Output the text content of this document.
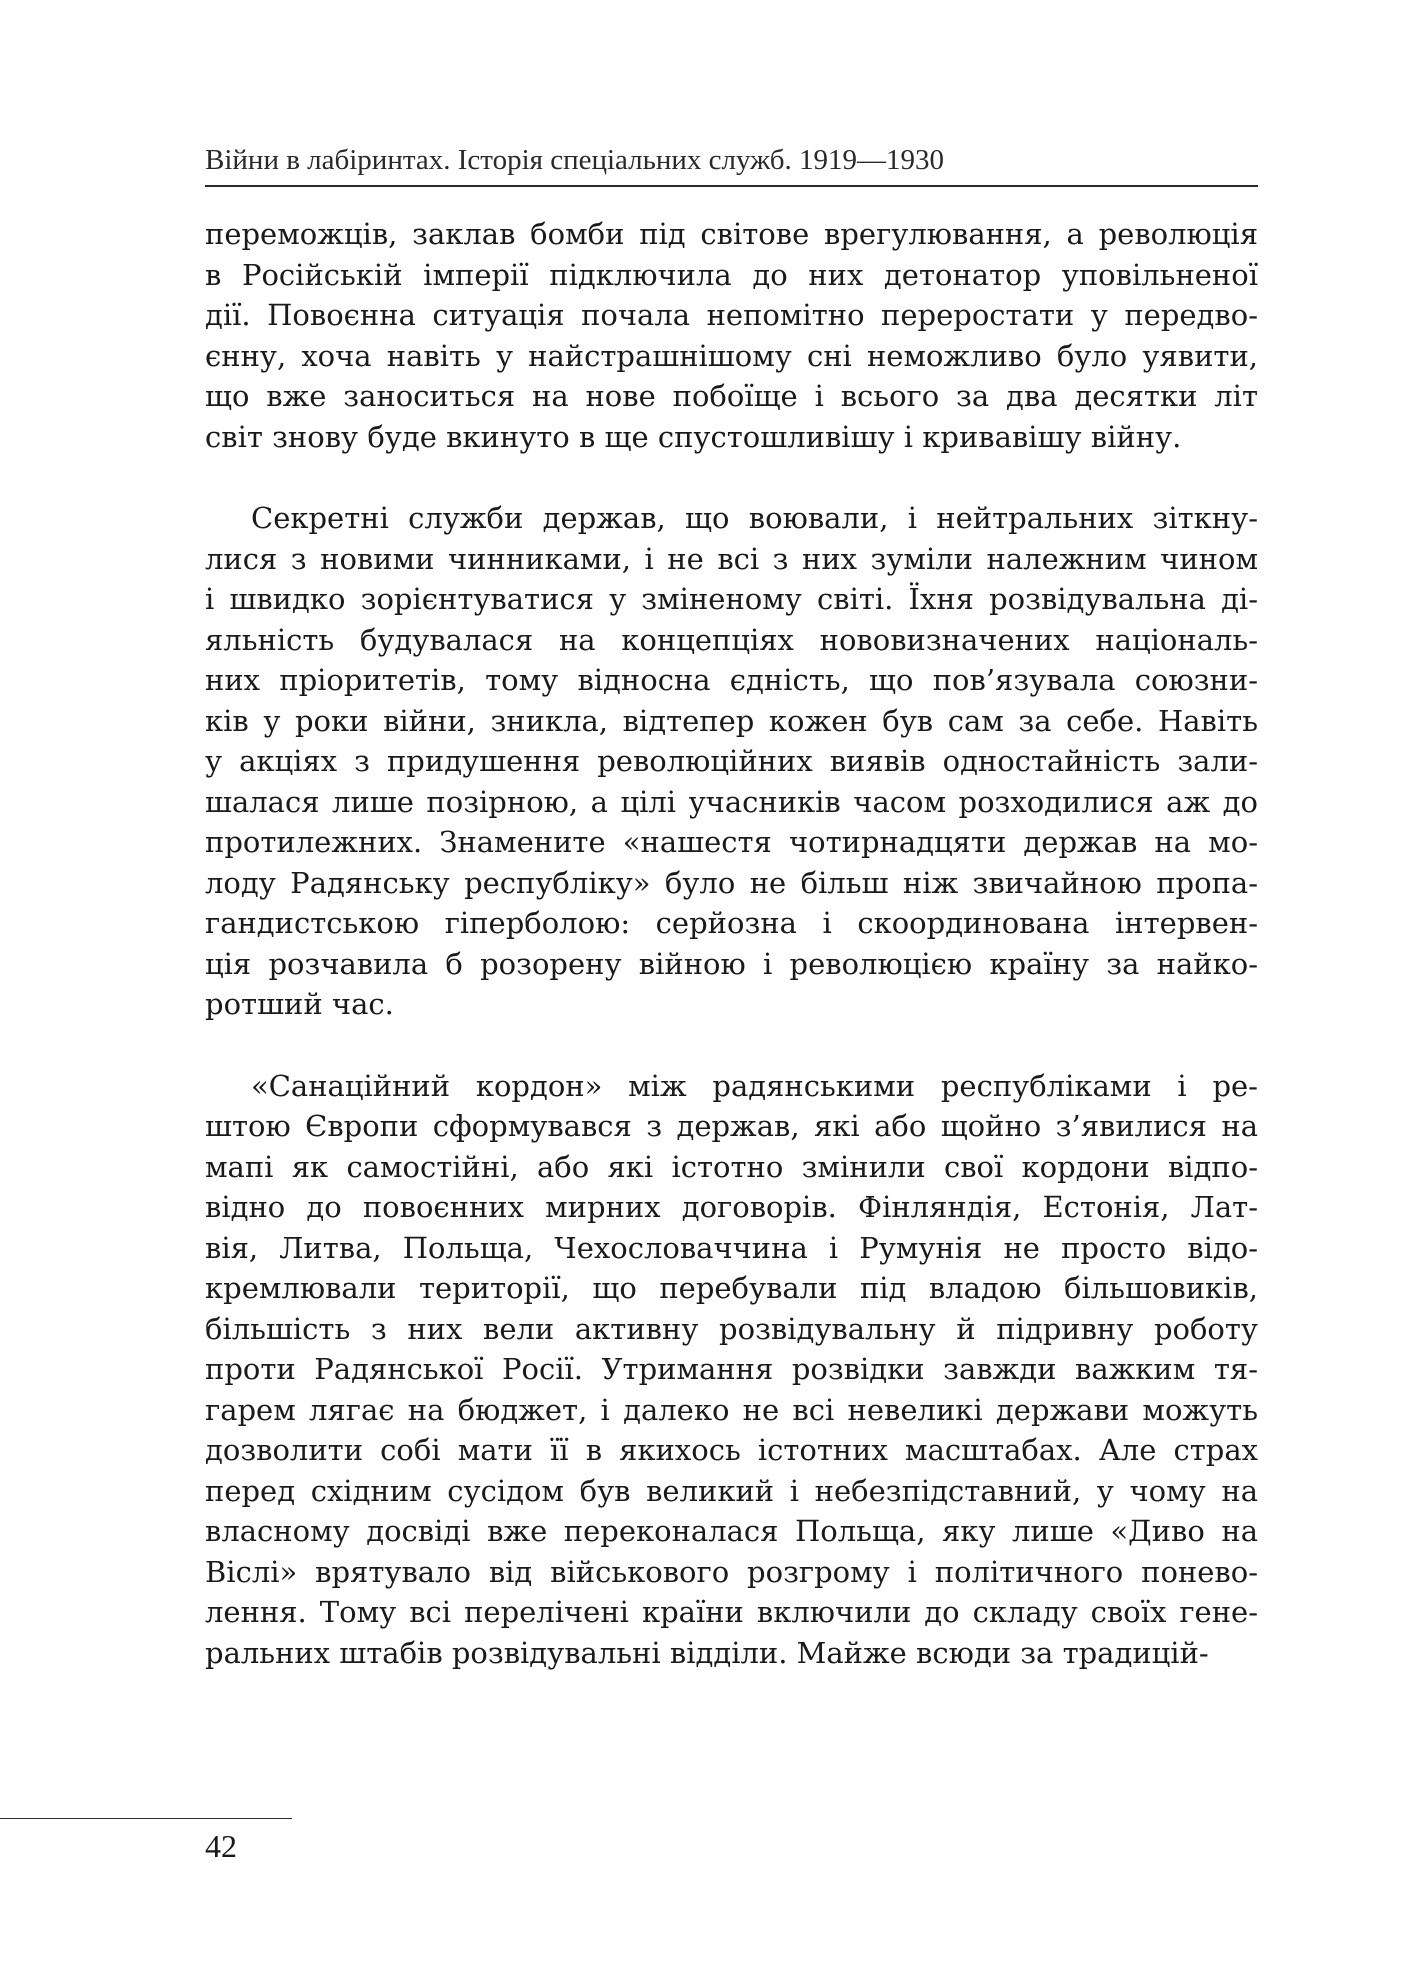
Війни в лабіринтах. Історія спеціальних служб. 1919—1930
переможців, заклав бомби під світове врегулювання, а революція
в Російській імперії підключила до них детонатор уповільненої
дії. Повоєнна ситуація почала непомітно переростати у передво-
єнну, хоча навіть у найстрашнішому сні неможливо було уявити,
що вже заноситься на нове побоїще і всього за два десятки літ
світ знову буде вкинуто в ще спустошливішу і кривавішу війну.
Секретні служби держав, що воювали, і нейтральних зіткну-
лися з новими чинниками, і не всі з них зуміли належним чином
і швидко зорієнтуватися у зміненому світі. Їхня розвідувальна ді-
яльність будувалася на концепціях нововизначених національ-
них пріоритетів, тому відносна єдність, що пов’язувала союзни-
ків у роки війни, зникла, відтепер кожен був сам за себе. Навіть
у акціях з придушення революційних виявів одностайність зали-
шалася лише позірною, а цілі учасників часом розходилися аж до
протилежних. Знамените «нашестя чотирнадцяти держав на мо-
лоду Радянську республіку» було не більш ніж звичайною пропа-
гандистською гіперболою: серйозна і скоординована інтервен-
ція розчавила б розорену війною і революцією країну за найко-
ротший час.
«Санаційний кордон» між радянськими республіками і ре-
штою Європи сформувався з держав, які або щойно з’явилися на
мапі як самостійні, або які істотно змінили свої кордони відпо-
відно до повоєнних мирних договорів. Фінляндія, Естонія, Лат-
вія, Литва, Польща, Чехословаччина і Румунія не просто відо-
кремлювали території, що перебували під владою більшовиків,
більшість з них вели активну розвідувальну й підривну роботу
проти Радянської Росії. Утримання розвідки завжди важким тя-
гарем лягає на бюджет, і далеко не всі невеликі держави можуть
дозволити собі мати її в якихось істотних масштабах. Але страх
перед східним сусідом був великий і небезпідставний, у чому на
власному досвіді вже переконалася Польща, яку лише «Диво на
Віслі» врятувало від військового розгрому і політичного понево-
лення. Тому всі перелічені країни включили до складу своїх гене-
ральних штабів розвідувальні відділи. Майже всюди за традицій-
42
